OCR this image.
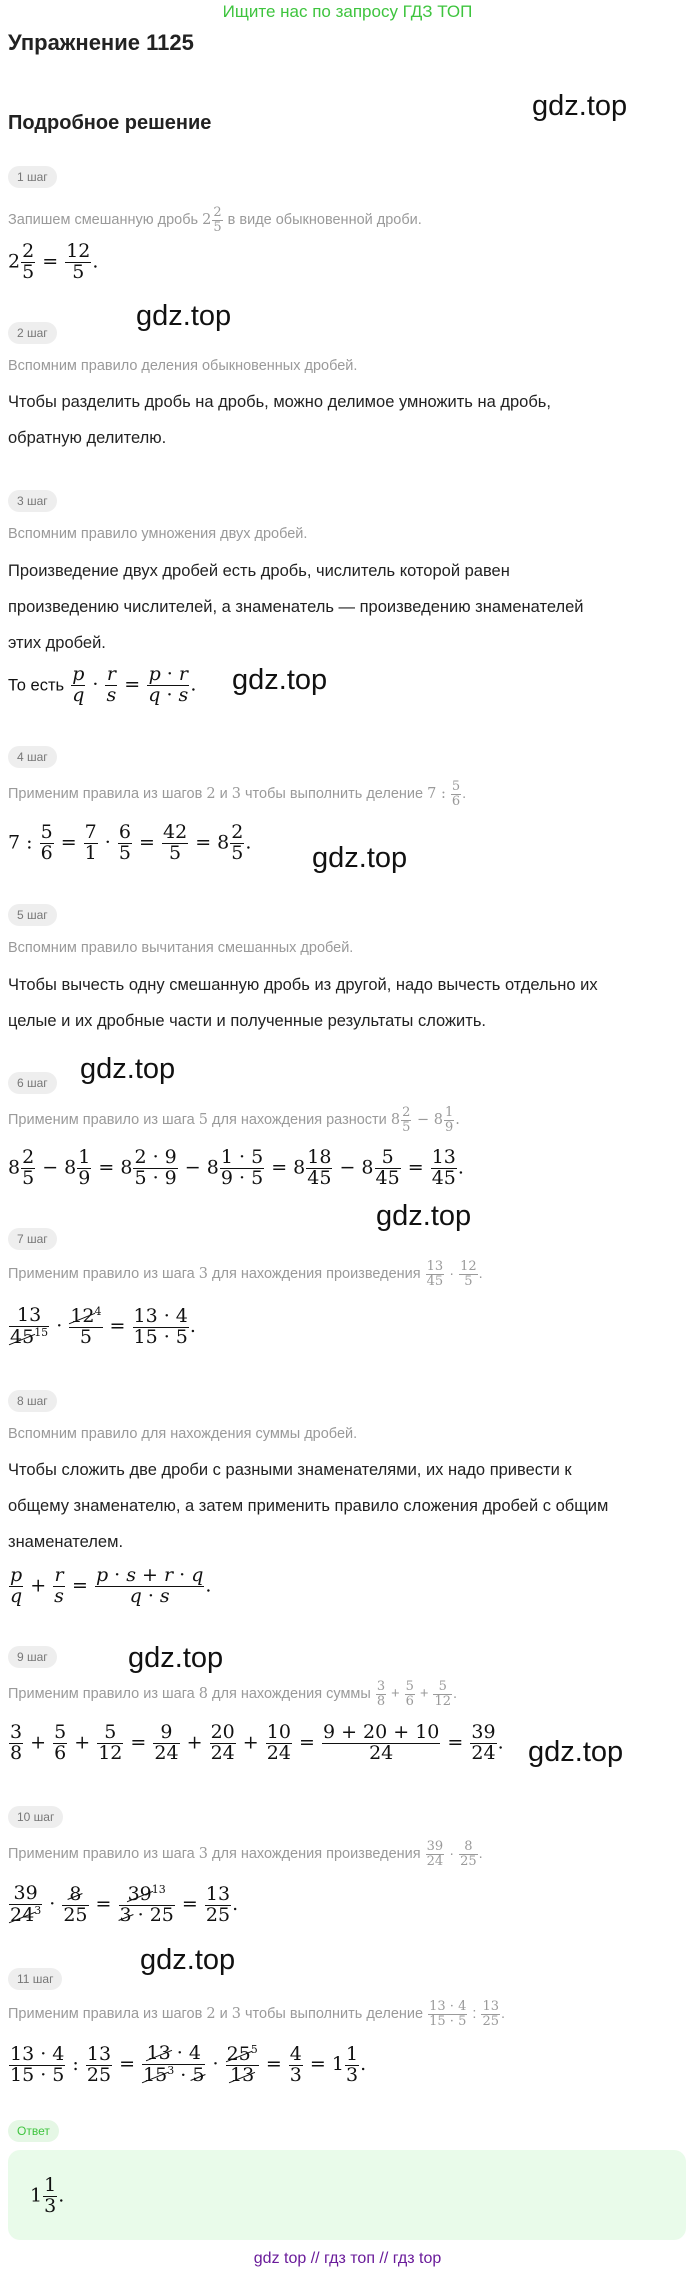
Ищите нас по запросу ГДЗ ТОП
Упражнение 1125
Подробное решение
gdz.top
gdz.top
gdz.top
gdz.top
gdz.top
gdz.top
gdz.top
gdz.top
gdz.top
1 шаг
Запишем смешанную дробь $2 \frac{2}{5}$ в виде обыкновенной дроби.
$2 \frac{2}{5} = \frac{12}{5}$ .
2 шаг
Вспомним правило деления обыкновенных дробей.
Чтобы разделить дробь на дробь, можно делимое умножить на дробь,
обратную делителю.
3 шаг
Вспомним правило умножения двух дробей.
Произведение двух дробей есть дробь, числитель которой равен
произведению числителей, а знаменатель — произведению знаменателей
этих дробей.
То есть $\frac{p}{q} \cdot \frac{r}{s} = \frac{p \cdot r}{q \cdot s}$ .
4 шаг
Применим правила из шагов 2 и 3 чтобы выполнить деление 7 : $\frac{5}{6}$ .
7 : $\frac{5}{6} = \frac{7}{1} \cdot \frac{6}{5} = \frac{42}{5} = 8 \frac{2}{5}$ .
5 шаг
Вспомним правило вычитания смешанных дробей.
Чтобы вычесть одну смешанную дробь из другой, надо вычесть отдельно их
целые и их дробные части и полученные результаты сложить.
6 шаг
Применим правило из шага 5 для нахождения разности $8 \frac{2}{5} - 8 \frac{1}{9}$ .
$8 \frac{2}{5} - 8 \frac{1}{9} = 8 \frac{2 \cdot 9}{5 \cdot 9} - 8 \frac{1 \cdot 5}{9 \cdot 5} = 8 \frac{18}{45} - 8 \frac{5}{45} = \frac{13}{45}$ .
7 шаг
Применим правило из шага 3 для нахождения произведения $\frac{13}{45} \cdot \frac{12}{5}$ .
$\frac{13}{45^{15}} \cdot \frac{12^4}{5} = \frac{13 \cdot 4}{15 \cdot 5}$ .
8 шаг
Вспомним правило для нахождения суммы дробей.
Чтобы сложить две дроби с разными знаменателями, их надо привести к
общему знаменателю, а затем применить правило сложения дробей с общим
знаменателем.
$\frac{p}{q} + \frac{r}{s} = \frac{p \cdot s + r \cdot q}{q \cdot s}$ .
9 шаг
Применим правило из шага 8 для нахождения суммы $\frac{3}{8} + \frac{5}{6} + \frac{5}{12}$ .
$\frac{3}{8} + \frac{5}{6} + \frac{5}{12} = \frac{9}{24} + \frac{20}{24} + \frac{10}{24} = \frac{9 + 20 + 10}{24} = \frac{39}{24}$ .
10 шаг
Применим правило из шага 3 для нахождения произведения $\frac{39}{24} \cdot \frac{8}{25}$ .
$\frac{39}{24^3} \cdot \frac{8}{25} = \frac{39^{13}}{3 \cdot 25} = \frac{13}{25}$ .
11 шаг
Применим правила из шагов 2 и 3 чтобы выполнить деление $\frac{13 \cdot 4}{15 \cdot 5}$ : $\frac{13}{25}$ .
$\frac{13 \cdot 4}{15 \cdot 5}$ : $\frac{13}{25} = \frac{13 \cdot 4}{15^3 \cdot 5} \cdot \frac{25^5}{13} = \frac{4}{3} = 1 \frac{1}{3}$ .
Ответ
$1 \frac{1}{3}$ .
gdz top // гдз топ // гдз top
